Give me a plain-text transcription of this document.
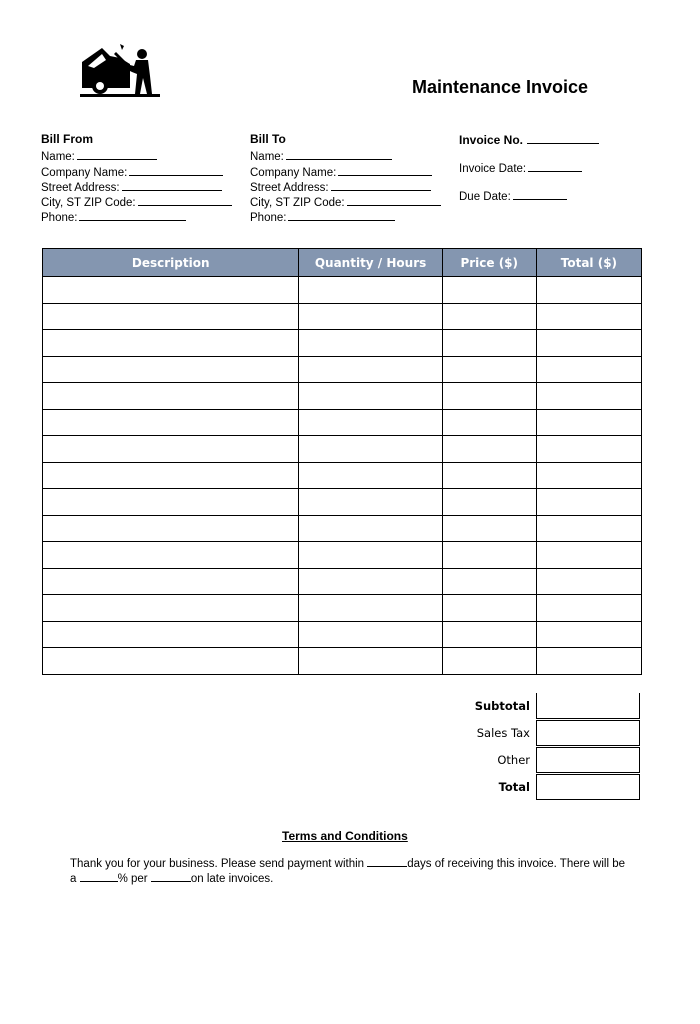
Maintenance Invoice
Bill From
Name:
Company Name:
Street Address:
City, ST ZIP Code:
Phone:
Bill To
Name:
Company Name:
Street Address:
City, ST ZIP Code:
Phone:
Invoice No.
Invoice Date:
Due Date:
Description	Quantity / Hours	Price ($)	Total ($)

Subtotal
Sales Tax
Other
Total
Terms and Conditions
Thank you for your business. Please send payment within	days of receiving this invoice. There will be a	% per	on late invoices.
